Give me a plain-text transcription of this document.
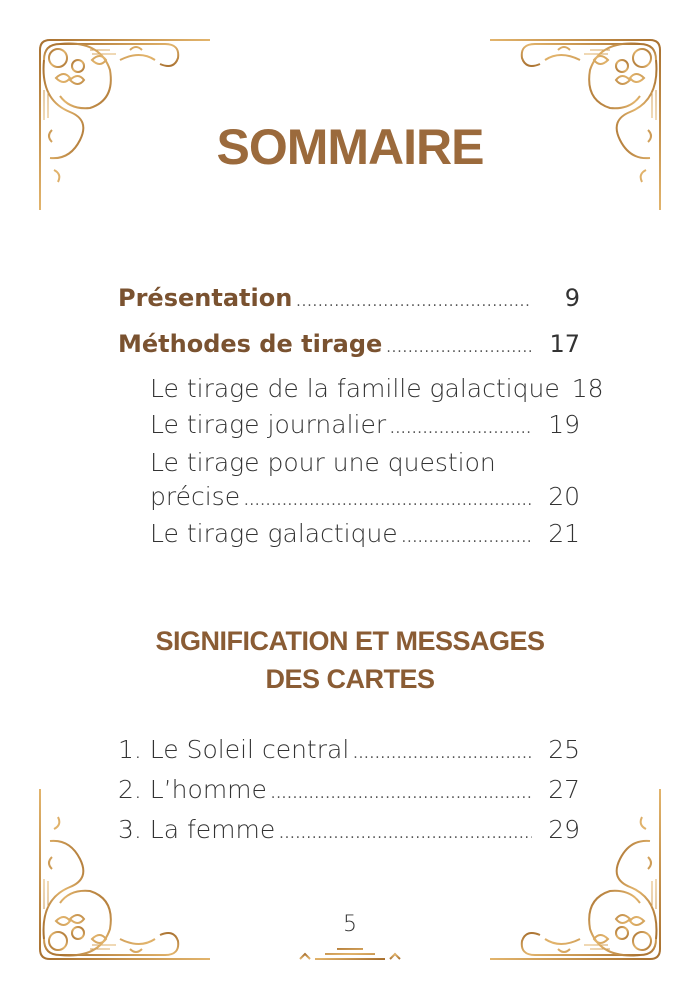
SOMMAIRE
Présentation .....	9
Méthodes de tirage .....	17
Le tirage de la famille galactique 18
Le tirage journalier .....	19
Le tirage pour une question
précise .....	20
Le tirage galactique .....	21
SIGNIFICATION ET MESSAGES
DES CARTES
1. Le Soleil central .....	25
2. L’homme .....	27
3. La femme .....	29
5
